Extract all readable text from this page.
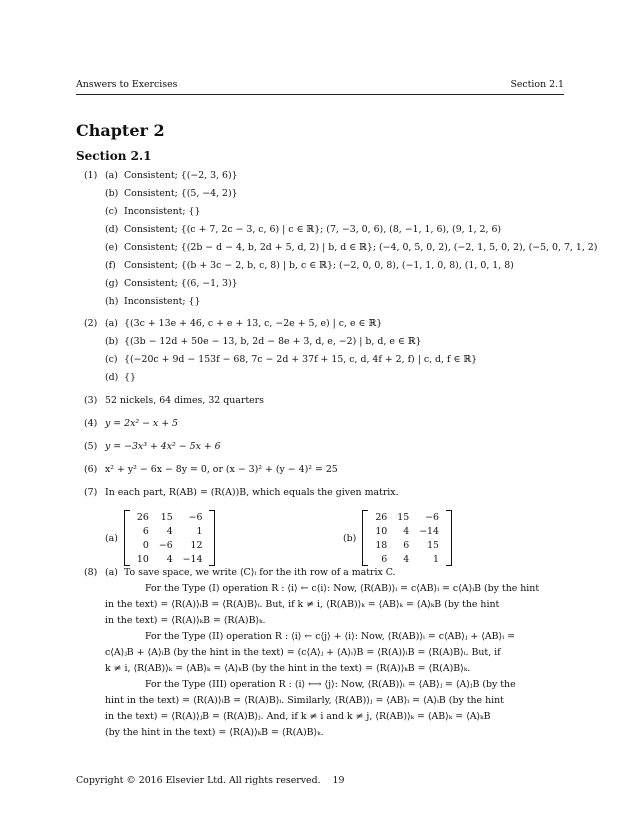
Answers to Exercises	Section 2.1
Chapter 2
Section 2.1
(1) (a) Consistent; {(−2, 3, 6)}
(b) Consistent; {(5, −4, 2)}
(c) Inconsistent; {}
(d) Consistent; {(c + 7, 2c − 3, c, 6) | c ∈ ℝ}; (7, −3, 0, 6), (8, −1, 1, 6), (9, 1, 2, 6)
(e) Consistent; {(2b − d − 4, b, 2d + 5, d, 2) | b, d ∈ ℝ}; (−4, 0, 5, 0, 2), (−2, 1, 5, 0, 2), (−5, 0, 7, 1, 2)
(f) Consistent; {(b + 3c − 2, b, c, 8) | b, c ∈ ℝ}; (−2, 0, 0, 8), (−1, 1, 0, 8), (1, 0, 1, 8)
(g) Consistent; {(6, −1, 3)}
(h) Inconsistent; {}
(2) (a) {(3c + 13e + 46, c + e + 13, c, −2e + 5, e) | c, e ∈ ℝ}
(b) {(3b − 12d + 50e − 13, b, 2d − 8e + 3, d, e, −2) | b, d, e ∈ ℝ}
(c) {(−20c + 9d − 153f − 68, 7c − 2d + 37f + 15, c, d, 4f + 2, f) | c, d, f ∈ ℝ}
(d) {}
(3) 52 nickels, 64 dimes, 32 quarters
(4) y = 2x² − x + 5
(5) y = −3x³ + 4x² − 5x + 6
(6) x² + y² − 6x − 8y = 0, or (x − 3)² + (y − 4)² = 25
(7) In each part, R(AB) = (R(A))B, which equals the given matrix.
(a)
26	15	−6
6	4	1
0	−6	12
10	4	−14
(b)
26	15	−6
10	4	−14
18	6	15
6	4	1
(8) (a) To save space, we write ⟨C⟩ᵢ for the ith row of a matrix C.
For the Type (I) operation R : ⟨i⟩ ← c⟨i⟩: Now, ⟨R(AB)⟩ᵢ = c⟨AB⟩ᵢ = c⟨A⟩ᵢB (by the hint
in the text) = ⟨R(A)⟩ᵢB = ⟨R(A)B⟩ᵢ. But, if k ≠ i, ⟨R(AB)⟩ₖ = ⟨AB⟩ₖ = ⟨A⟩ₖB (by the hint
in the text) = ⟨R(A)⟩ₖB = ⟨R(A)B⟩ₖ.
For the Type (II) operation R : ⟨i⟩ ← c⟨j⟩ + ⟨i⟩: Now, ⟨R(AB)⟩ᵢ = c⟨AB⟩ⱼ + ⟨AB⟩ᵢ =
c⟨A⟩ⱼB + ⟨A⟩ᵢB (by the hint in the text) = (c⟨A⟩ⱼ + ⟨A⟩ᵢ)B = ⟨R(A)⟩ᵢB = ⟨R(A)B⟩ᵢ. But, if
k ≠ i, ⟨R(AB)⟩ₖ = ⟨AB⟩ₖ = ⟨A⟩ₖB (by the hint in the text) = ⟨R(A)⟩ₖB = ⟨R(A)B⟩ₖ.
For the Type (III) operation R : ⟨i⟩ ⟷ ⟨j⟩: Now, ⟨R(AB)⟩ᵢ = ⟨AB⟩ⱼ = ⟨A⟩ⱼB (by the
hint in the text) = ⟨R(A)⟩ᵢB = ⟨R(A)B⟩ᵢ. Similarly, ⟨R(AB)⟩ⱼ = ⟨AB⟩ᵢ = ⟨A⟩ᵢB (by the hint
in the text) = ⟨R(A)⟩ⱼB = ⟨R(A)B⟩ⱼ. And, if k ≠ i and k ≠ j, ⟨R(AB)⟩ₖ = ⟨AB⟩ₖ = ⟨A⟩ₖB
(by the hint in the text) = ⟨R(A)⟩ₖB = ⟨R(A)B⟩ₖ.
Copyright © 2016 Elsevier Ltd. All rights reserved.    19
